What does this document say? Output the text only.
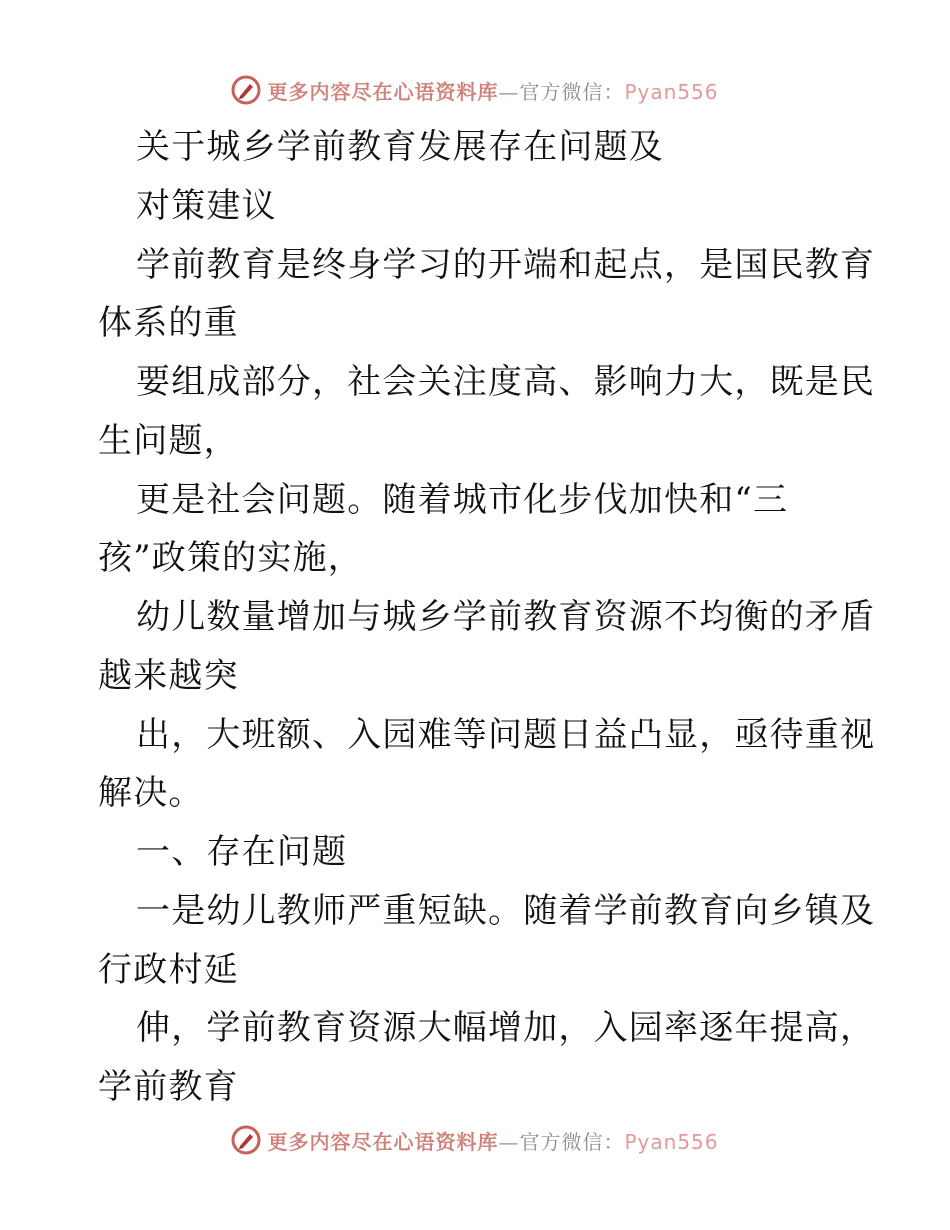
更多内容尽在心语资料库—官方微信：Pyan556
关于城乡学前教育发展存在问题及
对策建议
学前教育是终身学习的开端和起点，是国民教育
体系的重
要组成部分，社会关注度高、影响力大，既是民
生问题，
更是社会问题。随着城市化步伐加快和“三
孩”政策的实施，
幼儿数量增加与城乡学前教育资源不均衡的矛盾
越来越突
出，大班额、入园难等问题日益凸显，亟待重视
解决。
一、存在问题
一是幼儿教师严重短缺。随着学前教育向乡镇及
行政村延
伸，学前教育资源大幅增加，入园率逐年提高，
学前教育
更多内容尽在心语资料库—官方微信：Pyan556
